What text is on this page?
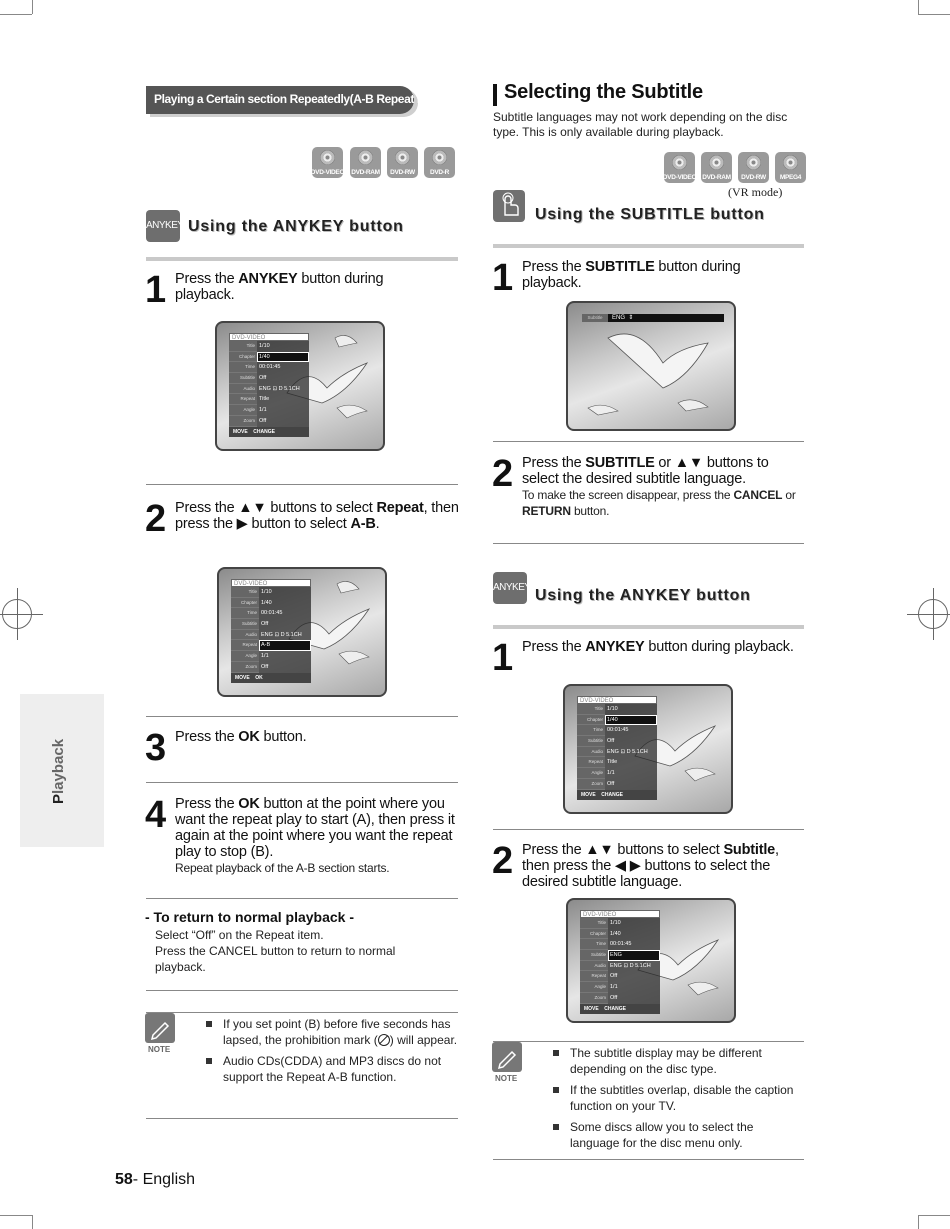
Playback
Playing a Certain section Repeatedly(A-B Repeat Playback)
DVD-VIDEO	DVD-RAM	DVD-RW	DVD-R
ANYKEY Using the ANYKEY button
1 Press the ANYKEY button during playback.
DVD-VIDEO
Title 1/10
Chapter 1/40
Time 00:01:45
Subtitle Off
Audio ENG ⊡ D 5.1CH
Repeat Title
Angle 1/1
Zoom Off
MOVE CHANGE
2 Press the ▲▼ buttons to select Repeat, then press the ▶ button to select A-B.
DVD-VIDEO
Title 1/10
Chapter 1/40
Time 00:01:45
Subtitle Off
Audio ENG ⊡ D 5.1CH
Repeat A-B
Angle 1/1
Zoom Off
MOVE OK
3 Press the OK button.
4 Press the OK button at the point where you want the repeat play to start (A), then press it again at the point where you want the repeat play to stop (B).
Repeat playback of the A-B section starts.
- To return to normal playback -
Select “Off” on the Repeat item.
Press the CANCEL button to return to normal
playback.
NOTE
If you set point (B) before five seconds has lapsed, the prohibition mark ( ) will appear.
Audio CDs(CDDA) and MP3 discs do not support the Repeat A-B function.
Selecting the Subtitle
Subtitle languages may not work depending on the disc type. This is only available during playback.
DVD-VIDEO DVD-RAM	DVD-RW	MPEG4
(VR mode)
Using the SUBTITLE button
1 Press the SUBTITLE button during playback.
Subtitle	ENG ⇕
2 Press the SUBTITLE or ▲▼ buttons to select the desired subtitle language.
To make the screen disappear, press the CANCEL or RETURN button.
ANYKEY Using the ANYKEY button
1 Press the ANYKEY button during playback.
DVD-VIDEO
Title 1/10
Chapter 1/40
Time 00:01:45
Subtitle Off
Audio ENG ⊡ D 5.1CH
Repeat Title
Angle 1/1
Zoom Off
MOVE CHANGE
2 Press the ▲▼ buttons to select Subtitle, then press the ◀ ▶ buttons to select the desired subtitle language.
DVD-VIDEO
Title 1/10
Chapter 1/40
Time 00:01:45
Subtitle ENG
Audio ENG ⊡ D 5.1CH
Repeat Off
Angle 1/1
Zoom Off
MOVE CHANGE
NOTE
The subtitle display may be different depending on the disc type.
If the subtitles overlap, disable the caption function on your TV.
Some discs allow you to select the language for the disc menu only.
58- English
